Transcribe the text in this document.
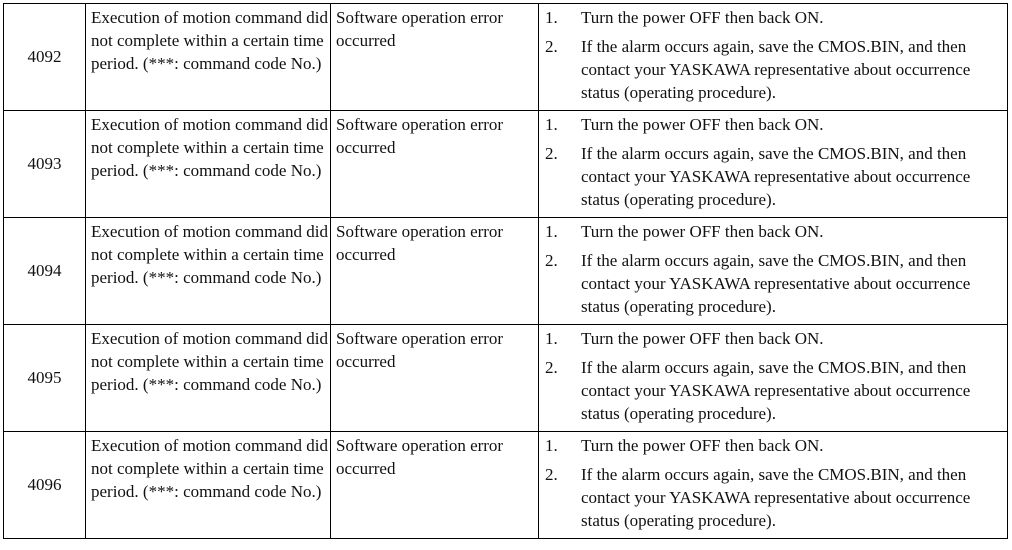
4092	Execution of motion command did not complete within a certain time period. (***: command code No.)	Software operation error occurred	1. Turn the power OFF then back ON.
2. If the alarm occurs again, save the CMOS.BIN, and then contact your YASKAWA representative about occurrence status (operating procedure).

4093	Execution of motion command did not complete within a certain time period. (***: command code No.)	Software operation error occurred	1. Turn the power OFF then back ON.
2. If the alarm occurs again, save the CMOS.BIN, and then contact your YASKAWA representative about occurrence status (operating procedure).

4094	Execution of motion command did not complete within a certain time period. (***: command code No.)	Software operation error occurred	1. Turn the power OFF then back ON.
2. If the alarm occurs again, save the CMOS.BIN, and then contact your YASKAWA representative about occurrence status (operating procedure).

4095	Execution of motion command did not complete within a certain time period. (***: command code No.)	Software operation error occurred	1. Turn the power OFF then back ON.
2. If the alarm occurs again, save the CMOS.BIN, and then contact your YASKAWA representative about occurrence status (operating procedure).

4096	Execution of motion command did not complete within a certain time period. (***: command code No.)	Software operation error occurred	1. Turn the power OFF then back ON.
2. If the alarm occurs again, save the CMOS.BIN, and then contact your YASKAWA representative about occurrence status (operating procedure).
